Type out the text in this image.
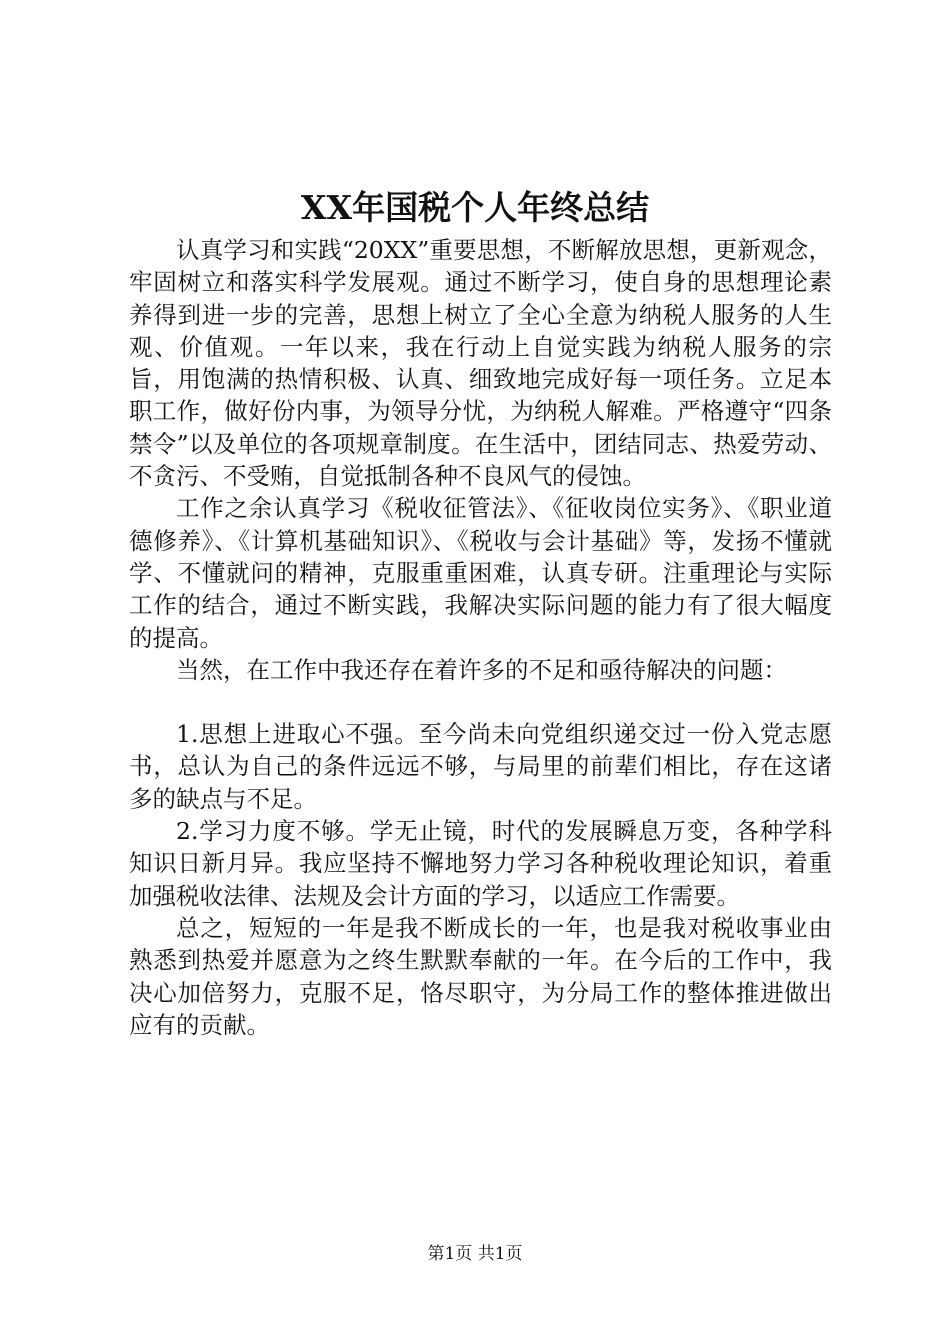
XX年国税个人年终总结

认真学习和实践“20XX”重要思想，不断解放思想，更新观念，牢固树立和落实科学发展观。通过不断学习，使自身的思想理论素养得到进一步的完善，思想上树立了全心全意为纳税人服务的人生观、价值观。一年以来，我在行动上自觉实践为纳税人服务的宗旨，用饱满的热情积极、认真、细致地完成好每一项任务。立足本职工作，做好份内事，为领导分忧，为纳税人解难。严格遵守“四条禁令”以及单位的各项规章制度。在生活中，团结同志、热爱劳动、不贪污、不受贿，自觉抵制各种不良风气的侵蚀。

工作之余认真学习《税收征管法》、《征收岗位实务》、《职业道德修养》、《计算机基础知识》、《税收与会计基础》等，发扬不懂就学、不懂就问的精神，克服重重困难，认真专研。注重理论与实际工作的结合，通过不断实践，我解决实际问题的能力有了很大幅度的提高。

当然，在工作中我还存在着许多的不足和亟待解决的问题：

1.思想上进取心不强。至今尚未向党组织递交过一份入党志愿书，总认为自己的条件远远不够，与局里的前辈们相比，存在这诸多的缺点与不足。

2.学习力度不够。学无止镜，时代的发展瞬息万变，各种学科知识日新月异。我应坚持不懈地努力学习各种税收理论知识，着重加强税收法律、法规及会计方面的学习，以适应工作需要。

总之，短短的一年是我不断成长的一年，也是我对税收事业由熟悉到热爱并愿意为之终生默默奉献的一年。在今后的工作中，我决心加倍努力，克服不足，恪尽职守，为分局工作的整体推进做出应有的贡献。

第1页 共1页
